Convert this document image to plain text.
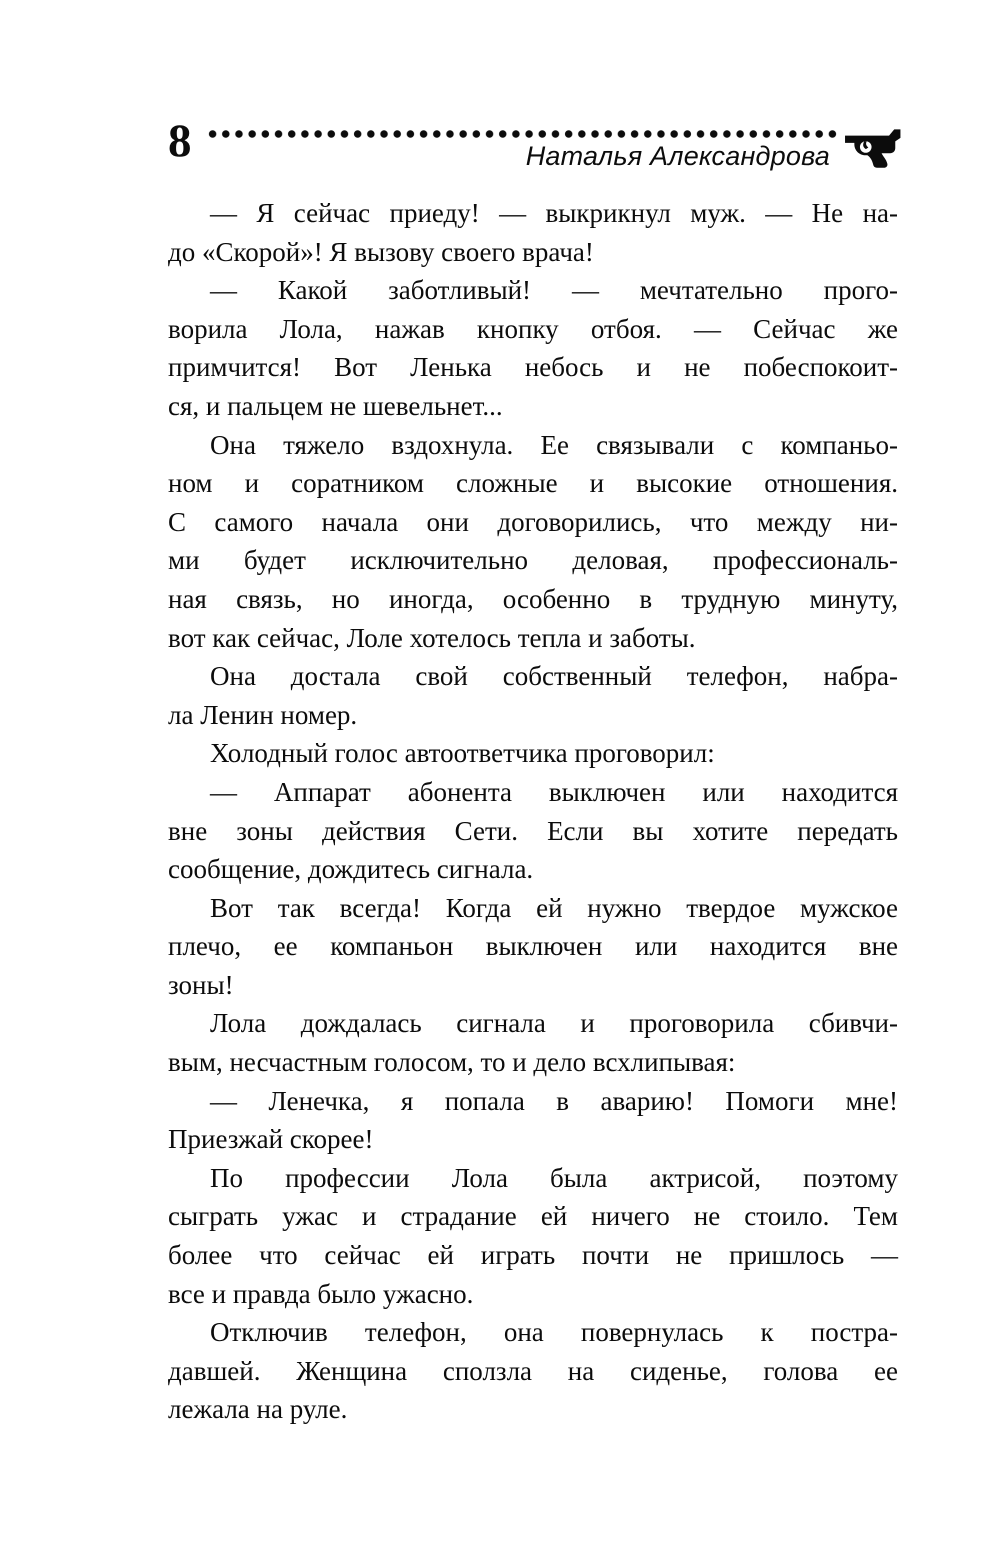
8	Наталья Александрова
— Я сейчас приеду! — выкрикнул муж. — Не на-
до «Скорой»! Я вызову своего врача!
— Какой заботливый! — мечтательно прого-
ворила Лола, нажав кнопку отбоя. — Сейчас же
примчится! Вот Ленька небось и не побеспокоит-
ся, и пальцем не шевельнет...
Она тяжело вздохнула. Ее связывали с компаньо-
ном и соратником сложные и высокие отношения.
С самого начала они договорились, что между ни-
ми будет исключительно деловая, профессиональ-
ная связь, но иногда, особенно в трудную минуту,
вот как сейчас, Лоле хотелось тепла и заботы.
Она достала свой собственный телефон, набра-
ла Ленин номер.
Холодный голос автоответчика проговорил:
— Аппарат абонента выключен или находится
вне зоны действия Сети. Если вы хотите передать
сообщение, дождитесь сигнала.
Вот так всегда! Когда ей нужно твердое мужское
плечо, ее компаньон выключен или находится вне
зоны!
Лола дождалась сигнала и проговорила сбивчи-
вым, несчастным голосом, то и дело всхлипывая:
— Ленечка, я попала в аварию! Помоги мне!
Приезжай скорее!
По профессии Лола была актрисой, поэтому
сыграть ужас и страдание ей ничего не стоило. Тем
более что сейчас ей играть почти не пришлось —
все и правда было ужасно.
Отключив телефон, она повернулась к постра-
давшей. Женщина сползла на сиденье, голова ее
лежала на руле.
